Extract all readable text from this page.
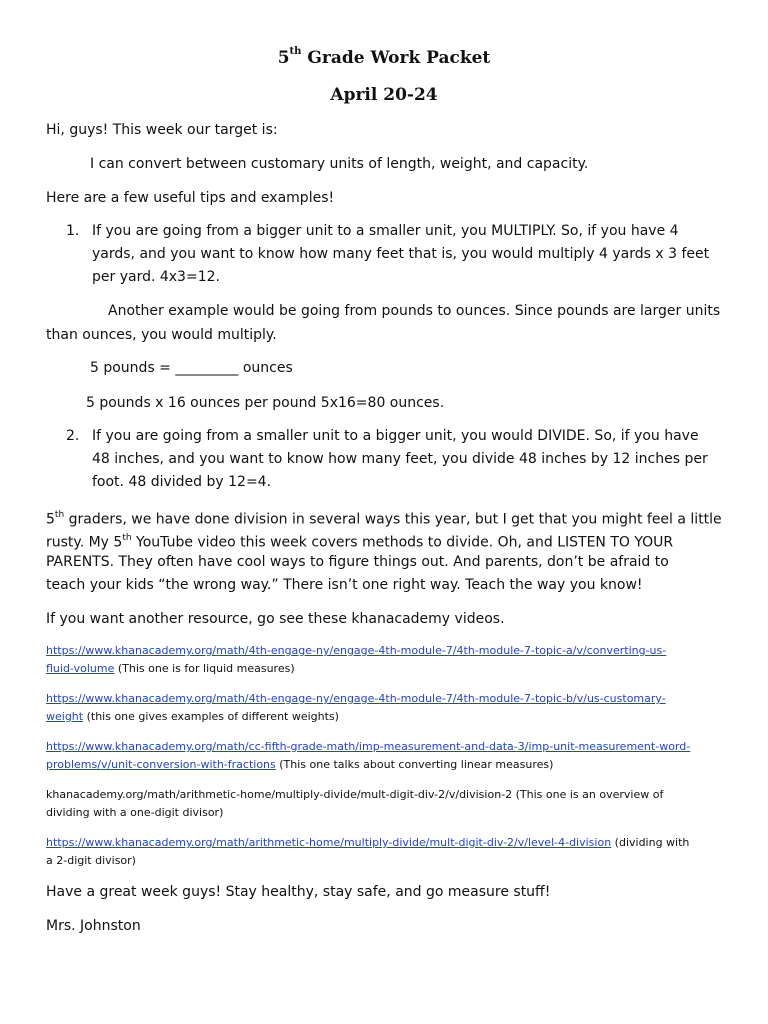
5th Grade Work Packet
April 20-24
Hi, guys! This week our target is:
I can convert between customary units of length, weight, and capacity.
Here are a few useful tips and examples!
1. If you are going from a bigger unit to a smaller unit, you MULTIPLY. So, if you have 4
yards, and you want to know how many feet that is, you would multiply 4 yards x 3 feet
per yard. 4x3=12.
Another example would be going from pounds to ounces. Since pounds are larger units
than ounces, you would multiply.
5 pounds = _________ ounces
5 pounds x 16 ounces per pound 5x16=80 ounces.
2. If you are going from a smaller unit to a bigger unit, you would DIVIDE. So, if you have
48 inches, and you want to know how many feet, you divide 48 inches by 12 inches per
foot. 48 divided by 12=4.
5th graders, we have done division in several ways this year, but I get that you might feel a little
rusty. My 5th YouTube video this week covers methods to divide. Oh, and LISTEN TO YOUR
PARENTS. They often have cool ways to figure things out. And parents, don’t be afraid to
teach your kids “the wrong way.” There isn’t one right way. Teach the way you know!
If you want another resource, go see these khanacademy videos.
https://www.khanacademy.org/math/4th-engage-ny/engage-4th-module-7/4th-module-7-topic-a/v/converting-us-
fluid-volume (This one is for liquid measures)
https://www.khanacademy.org/math/4th-engage-ny/engage-4th-module-7/4th-module-7-topic-b/v/us-customary-
weight (this one gives examples of different weights)
https://www.khanacademy.org/math/cc-fifth-grade-math/imp-measurement-and-data-3/imp-unit-measurement-word-
problems/v/unit-conversion-with-fractions (This one talks about converting linear measures)
khanacademy.org/math/arithmetic-home/multiply-divide/mult-digit-div-2/v/division-2 (This one is an overview of
dividing with a one-digit divisor)
https://www.khanacademy.org/math/arithmetic-home/multiply-divide/mult-digit-div-2/v/level-4-division (dividing with
a 2-digit divisor)
Have a great week guys! Stay healthy, stay safe, and go measure stuff!
Mrs. Johnston
